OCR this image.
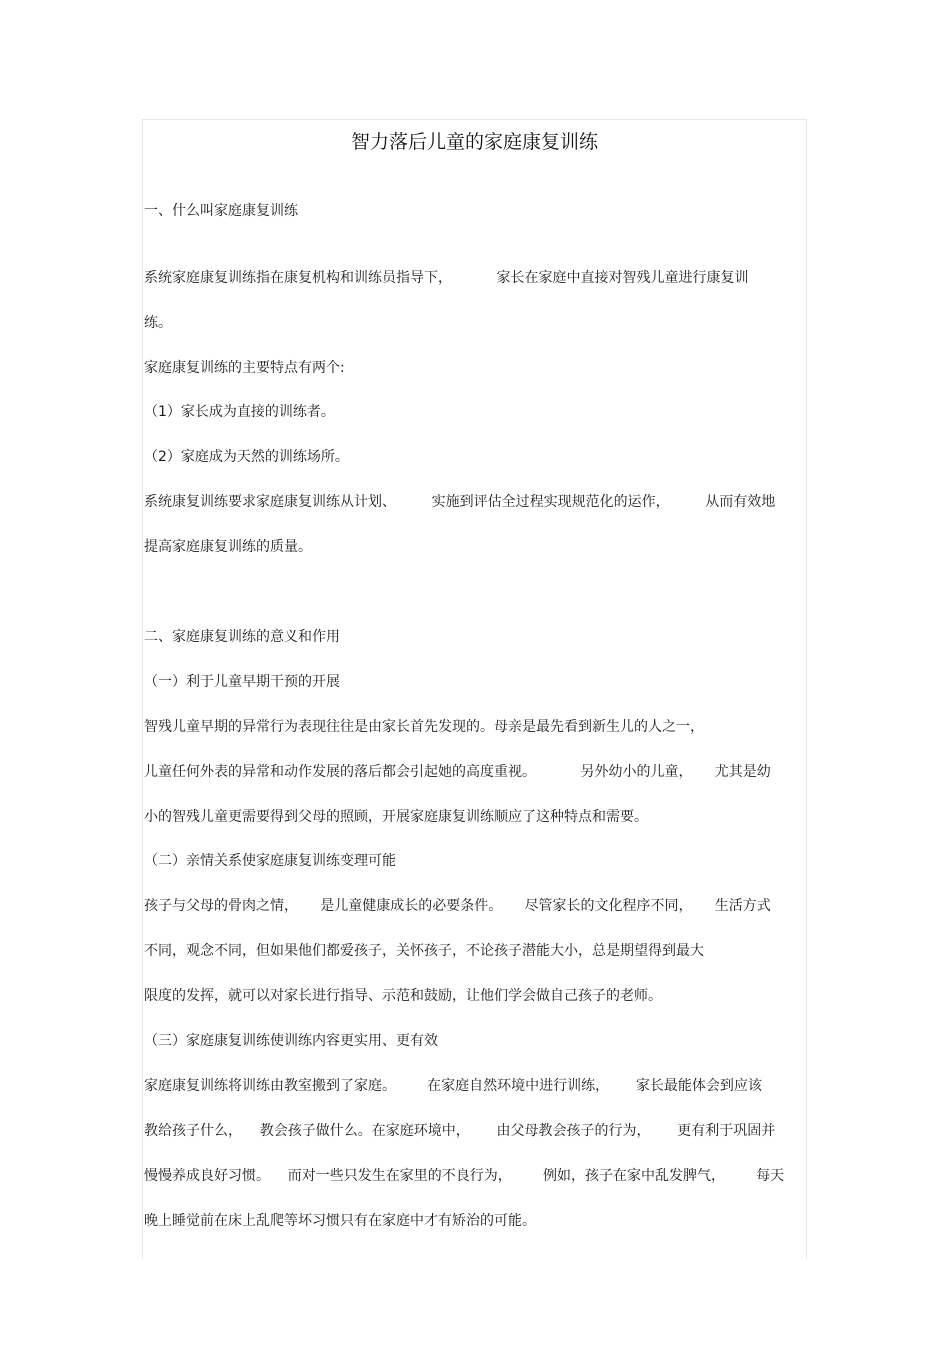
智力落后儿童的家庭康复训练
一、什么叫家庭康复训练
系统家庭康复训练指在康复机构和训练员指导下，          家长在家庭中直接对智残儿童进行康复训
练。
家庭康复训练的主要特点有两个:
（1）家长成为直接的训练者。
（2）家庭成为天然的训练场所。
系统康复训练要求家庭康复训练从计划、        实施到评估全过程实现规范化的运作，        从而有效地
提高家庭康复训练的质量。
二、家庭康复训练的意义和作用
（一）利于儿童早期干预的开展
智残儿童早期的异常行为表现往往是由家长首先发现的。母亲是最先看到新生儿的人之一，
儿童任何外表的异常和动作发展的落后都会引起她的高度重视。          另外幼小的儿童，     尤其是幼
小的智残儿童更需要得到父母的照顾，开展家庭康复训练顺应了这种特点和需要。
（二）亲情关系使家庭康复训练变理可能
孩子与父母的骨肉之情，     是儿童健康成长的必要条件。     尽管家长的文化程序不同，     生活方式
不同，观念不同，但如果他们都爱孩子，关怀孩子，不论孩子潜能大小，总是期望得到最大
限度的发挥，就可以对家长进行指导、示范和鼓励，让他们学会做自己孩子的老师。
（三）家庭康复训练使训练内容更实用、更有效
家庭康复训练将训练由教室搬到了家庭。       在家庭自然环境中进行训练，      家长最能体会到应该
教给孩子什么，    教会孩子做什么。在家庭环境中，      由父母教会孩子的行为，      更有利于巩固并
慢慢养成良好习惯。    而对一些只发生在家里的不良行为，       例如，孩子在家中乱发脾气，       每天
晚上睡觉前在床上乱爬等坏习惯只有在家庭中才有矫治的可能。
